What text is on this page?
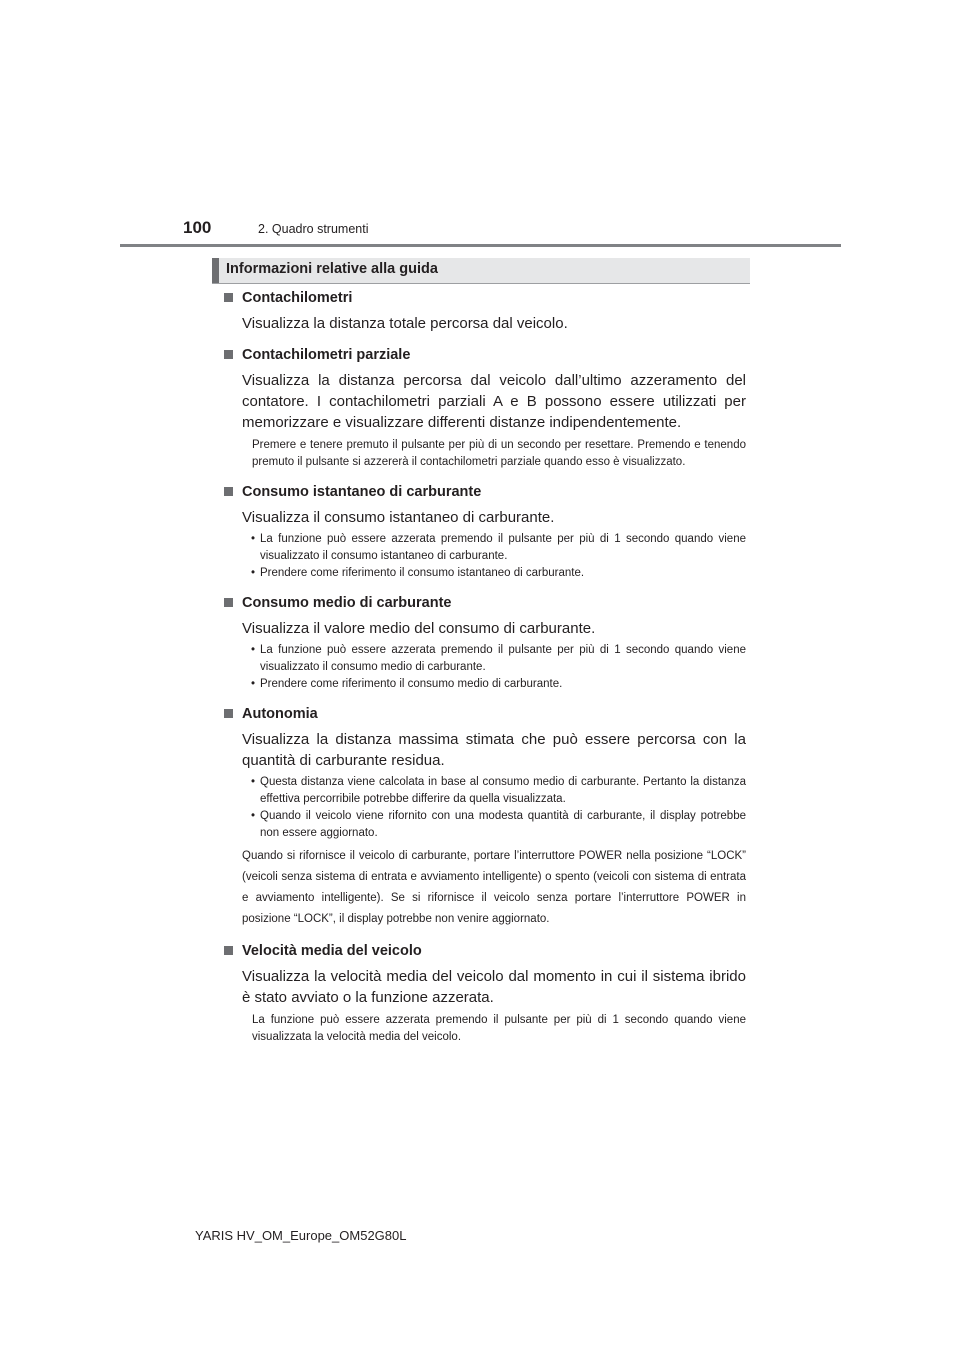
100	2. Quadro strumenti
Informazioni relative alla guida
Contachilometri
Visualizza la distanza totale percorsa dal veicolo.
Contachilometri parziale
Visualizza la distanza percorsa dal veicolo dall’ultimo azzeramento del contatore. I contachilometri parziali A e B possono essere utilizzati per memorizzare e visualizzare differenti distanze indipendentemente.
Premere e tenere premuto il pulsante per più di un secondo per resettare. Premendo e tenendo premuto il pulsante si azzererà il contachilometri parziale quando esso è visualizzato.
Consumo istantaneo di carburante
Visualizza il consumo istantaneo di carburante.
• La funzione può essere azzerata premendo il pulsante per più di 1 secondo quando viene visualizzato il consumo istantaneo di carburante.
• Prendere come riferimento il consumo istantaneo di carburante.
Consumo medio di carburante
Visualizza il valore medio del consumo di carburante.
• La funzione può essere azzerata premendo il pulsante per più di 1 secondo quando viene visualizzato il consumo medio di carburante.
• Prendere come riferimento il consumo medio di carburante.
Autonomia
Visualizza la distanza massima stimata che può essere percorsa con la quantità di carburante residua.
• Questa distanza viene calcolata in base al consumo medio di carburante. Pertanto la distanza effettiva percorribile potrebbe differire da quella visualizzata.
• Quando il veicolo viene rifornito con una modesta quantità di carburante, il display potrebbe non essere aggiornato.
Quando si rifornisce il veicolo di carburante, portare l’interruttore POWER nella posizione “LOCK” (veicoli senza sistema di entrata e avviamento intelligente) o spento (veicoli con sistema di entrata e avviamento intelligente). Se si rifornisce il veicolo senza portare l’interruttore POWER in posizione “LOCK”, il display potrebbe non venire aggiornato.
Velocità media del veicolo
Visualizza la velocità media del veicolo dal momento in cui il sistema ibrido è stato avviato o la funzione azzerata.
La funzione può essere azzerata premendo il pulsante per più di 1 secondo quando viene visualizzata la velocità media del veicolo.
YARIS HV_OM_Europe_OM52G80L
